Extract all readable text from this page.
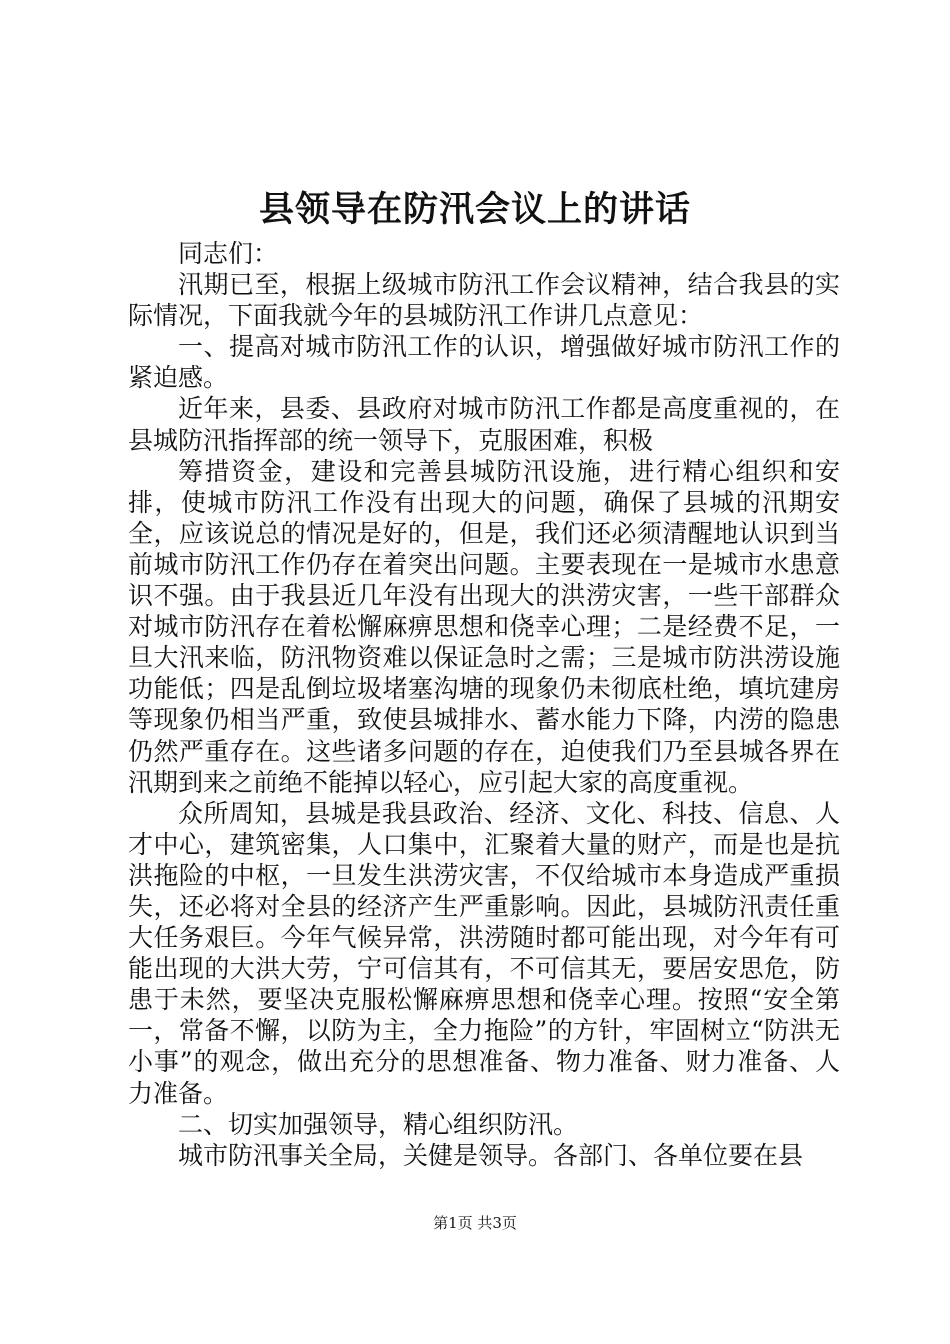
县领导在防汛会议上的讲话

同志们：

汛期已至，根据上级城市防汛工作会议精神，结合我县的实际情况，下面我就今年的县城防汛工作讲几点意见：

一、提高对城市防汛工作的认识，增强做好城市防汛工作的紧迫感。

近年来，县委、县政府对城市防汛工作都是高度重视的，在县城防汛指挥部的统一领导下，克服困难，积极

筹措资金，建设和完善县城防汛设施，进行精心组织和安排，使城市防汛工作没有出现大的问题，确保了县城的汛期安全，应该说总的情况是好的，但是，我们还必须清醒地认识到当前城市防汛工作仍存在着突出问题。主要表现在一是城市水患意识不强。由于我县近几年没有出现大的洪涝灾害，一些干部群众对城市防汛存在着松懈麻痹思想和侥幸心理；二是经费不足，一旦大汛来临，防汛物资难以保证急时之需；三是城市防洪涝设施功能低；四是乱倒垃圾堵塞沟塘的现象仍未彻底杜绝，填坑建房等现象仍相当严重，致使县城排水、蓄水能力下降，内涝的隐患仍然严重存在。这些诸多问题的存在，迫使我们乃至县城各界在汛期到来之前绝不能掉以轻心，应引起大家的高度重视。

众所周知，县城是我县政治、经济、文化、科技、信息、人才中心，建筑密集，人口集中，汇聚着大量的财产，而是也是抗洪拖险的中枢，一旦发生洪涝灾害，不仅给城市本身造成严重损失，还必将对全县的经济产生严重影响。因此，县城防汛责任重大任务艰巨。今年气候异常，洪涝随时都可能出现，对今年有可能出现的大洪大劳，宁可信其有，不可信其无，要居安思危，防患于未然，要坚决克服松懈麻痹思想和侥幸心理。按照“安全第一，常备不懈，以防为主，全力拖险”的方针，牢固树立“防洪无小事”的观念，做出充分的思想准备、物力准备、财力准备、人力准备。

二、切实加强领导，精心组织防汛。

城市防汛事关全局，关健是领导。各部门、各单位要在县

第1页 共3页
